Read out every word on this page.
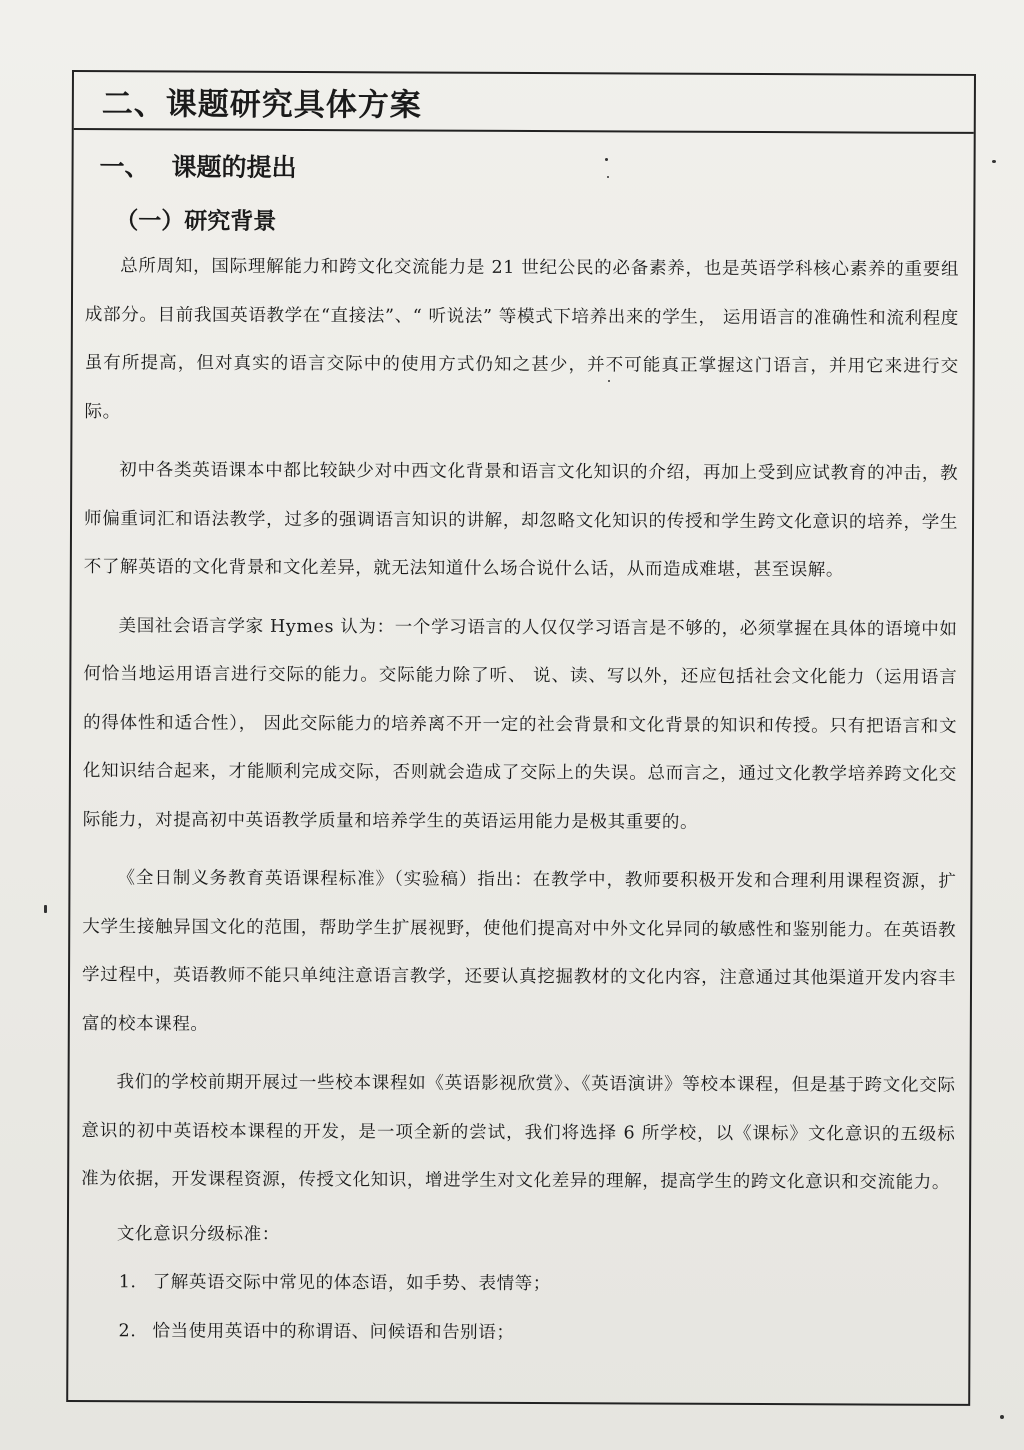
二、课题研究具体方案
一、 课题的提出
（一）研究背景

总所周知，国际理解能力和跨文化交流能力是 21 世纪公民的必备素养，也是英语学科核心素养的重要组成部分。目前我国英语教学在“直接法”、“ 听说法” 等模式下培养出来的学生， 运用语言的准确性和流利程度虽有所提高，但对真实的语言交际中的使用方式仍知之甚少，并不可能真正掌握这门语言，并用它来进行交际。

初中各类英语课本中都比较缺少对中西文化背景和语言文化知识的介绍，再加上受到应试教育的冲击，教师偏重词汇和语法教学，过多的强调语言知识的讲解，却忽略文化知识的传授和学生跨文化意识的培养，学生不了解英语的文化背景和文化差异，就无法知道什么场合说什么话，从而造成难堪，甚至误解。

美国社会语言学家 Hymes 认为：一个学习语言的人仅仅学习语言是不够的，必须掌握在具体的语境中如何恰当地运用语言进行交际的能力。交际能力除了听、 说、读、写以外，还应包括社会文化能力（运用语言的得体性和适合性）， 因此交际能力的培养离不开一定的社会背景和文化背景的知识和传授。只有把语言和文化知识结合起来，才能顺利完成交际，否则就会造成了交际上的失误。总而言之，通过文化教学培养跨文化交际能力，对提高初中英语教学质量和培养学生的英语运用能力是极其重要的。

《全日制义务教育英语课程标准》（实验稿）指出：在教学中，教师要积极开发和合理利用课程资源，扩大学生接触异国文化的范围，帮助学生扩展视野，使他们提高对中外文化异同的敏感性和鉴别能力。在英语教学过程中，英语教师不能只单纯注意语言教学，还要认真挖掘教材的文化内容，注意通过其他渠道开发内容丰富的校本课程。

我们的学校前期开展过一些校本课程如《英语影视欣赏》、《英语演讲》等校本课程，但是基于跨文化交际意识的初中英语校本课程的开发，是一项全新的尝试，我们将选择 6 所学校，以《课标》文化意识的五级标准为依据，开发课程资源，传授文化知识，增进学生对文化差异的理解，提高学生的跨文化意识和交流能力。

文化意识分级标准：
1. 了解英语交际中常见的体态语，如手势、表情等；
2. 恰当使用英语中的称谓语、问候语和告别语；
